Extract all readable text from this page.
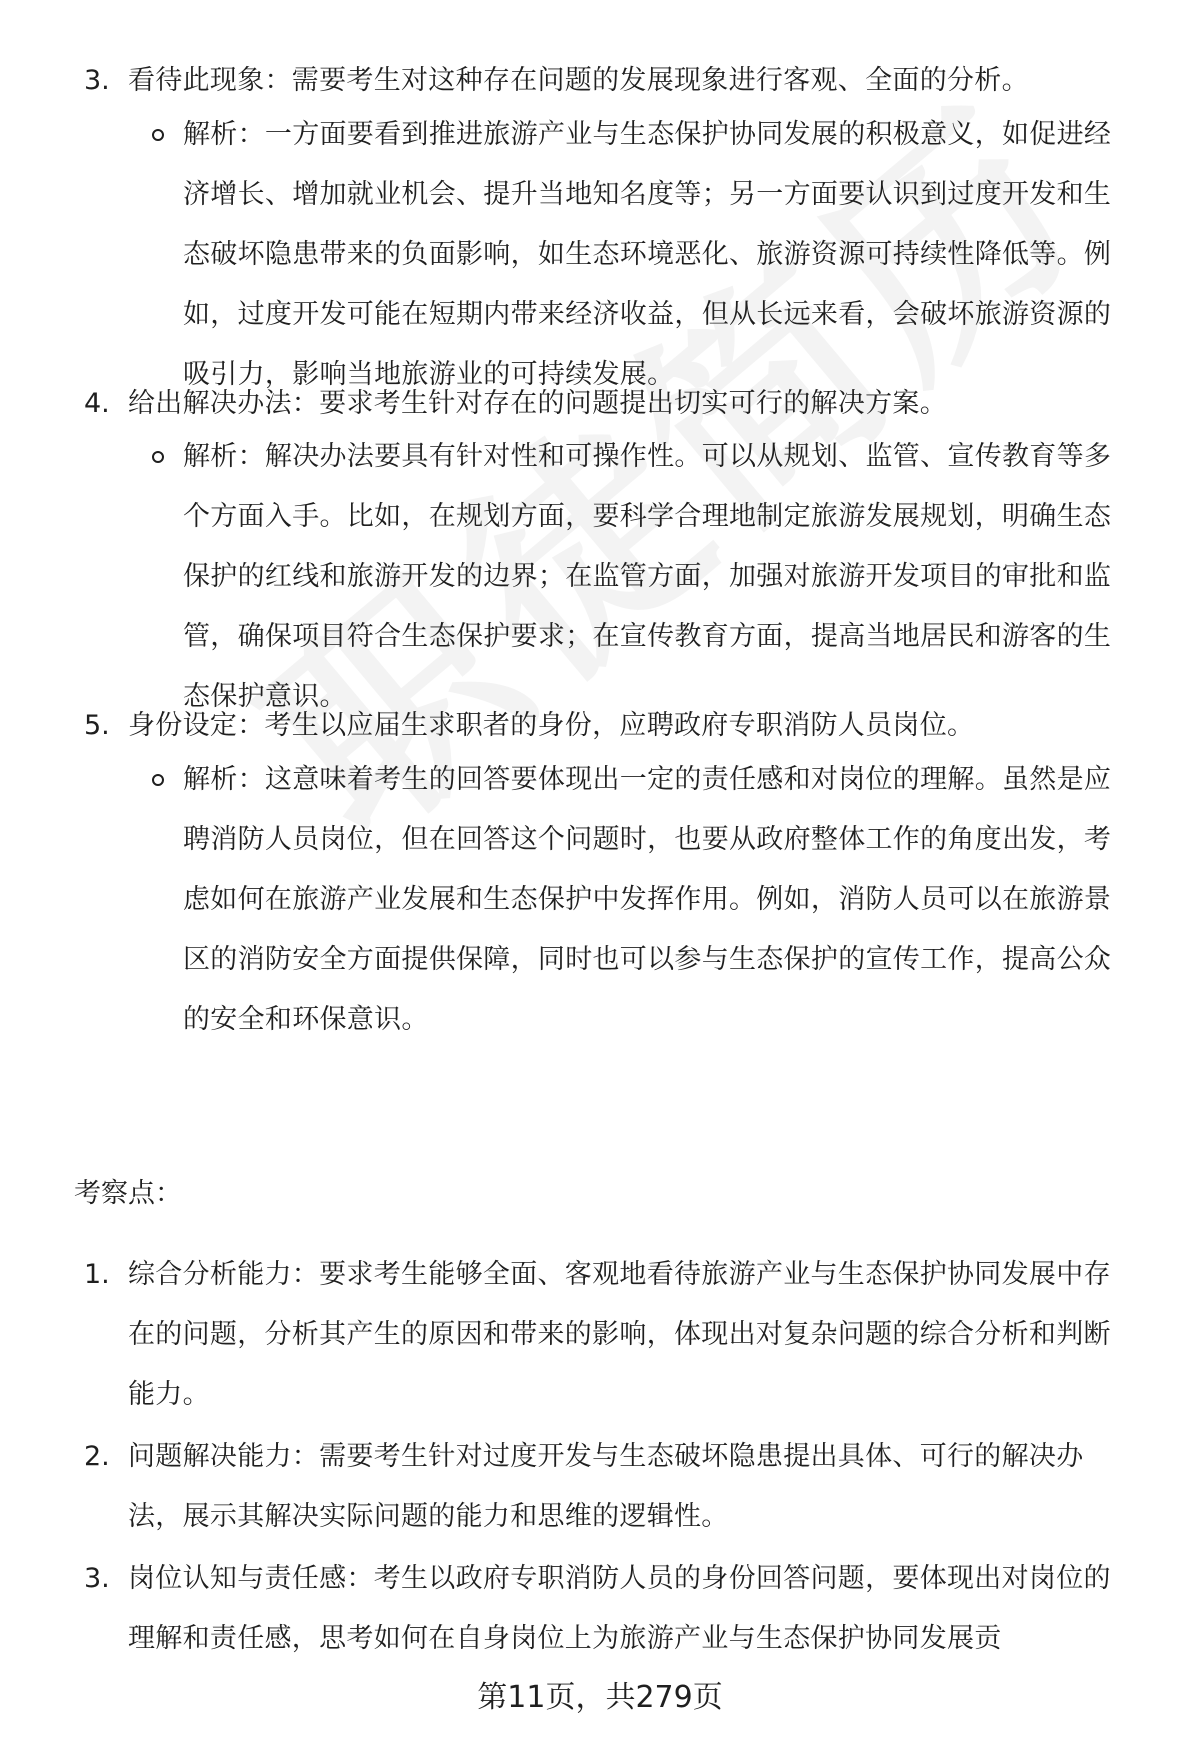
3. 看待此现象：需要考生对这种存在问题的发展现象进行客观、全面的分析。
解析：一方面要看到推进旅游产业与生态保护协同发展的积极意义，如促进经济增长、增加就业机会、提升当地知名度等；另一方面要认识到过度开发和生态破坏隐患带来的负面影响，如生态环境恶化、旅游资源可持续性降低等。例如，过度开发可能在短期内带来经济收益，但从长远来看，会破坏旅游资源的吸引力，影响当地旅游业的可持续发展。
4. 给出解决办法：要求考生针对存在的问题提出切实可行的解决方案。
解析：解决办法要具有针对性和可操作性。可以从规划、监管、宣传教育等多个方面入手。比如，在规划方面，要科学合理地制定旅游发展规划，明确生态保护的红线和旅游开发的边界；在监管方面，加强对旅游开发项目的审批和监管，确保项目符合生态保护要求；在宣传教育方面，提高当地居民和游客的生态保护意识。
5. 身份设定：考生以应届生求职者的身份，应聘政府专职消防人员岗位。
解析：这意味着考生的回答要体现出一定的责任感和对岗位的理解。虽然是应聘消防人员岗位，但在回答这个问题时，也要从政府整体工作的角度出发，考虑如何在旅游产业发展和生态保护中发挥作用。例如，消防人员可以在旅游景区的消防安全方面提供保障，同时也可以参与生态保护的宣传工作，提高公众的安全和环保意识。
考察点：
1. 综合分析能力：要求考生能够全面、客观地看待旅游产业与生态保护协同发展中存在的问题，分析其产生的原因和带来的影响，体现出对复杂问题的综合分析和判断能力。
2. 问题解决能力：需要考生针对过度开发与生态破坏隐患提出具体、可行的解决办法，展示其解决实际问题的能力和思维的逻辑性。
3. 岗位认知与责任感：考生以政府专职消防人员的身份回答问题，要体现出对岗位的理解和责任感，思考如何在自身岗位上为旅游产业与生态保护协同发展贡
第11页，共279页
